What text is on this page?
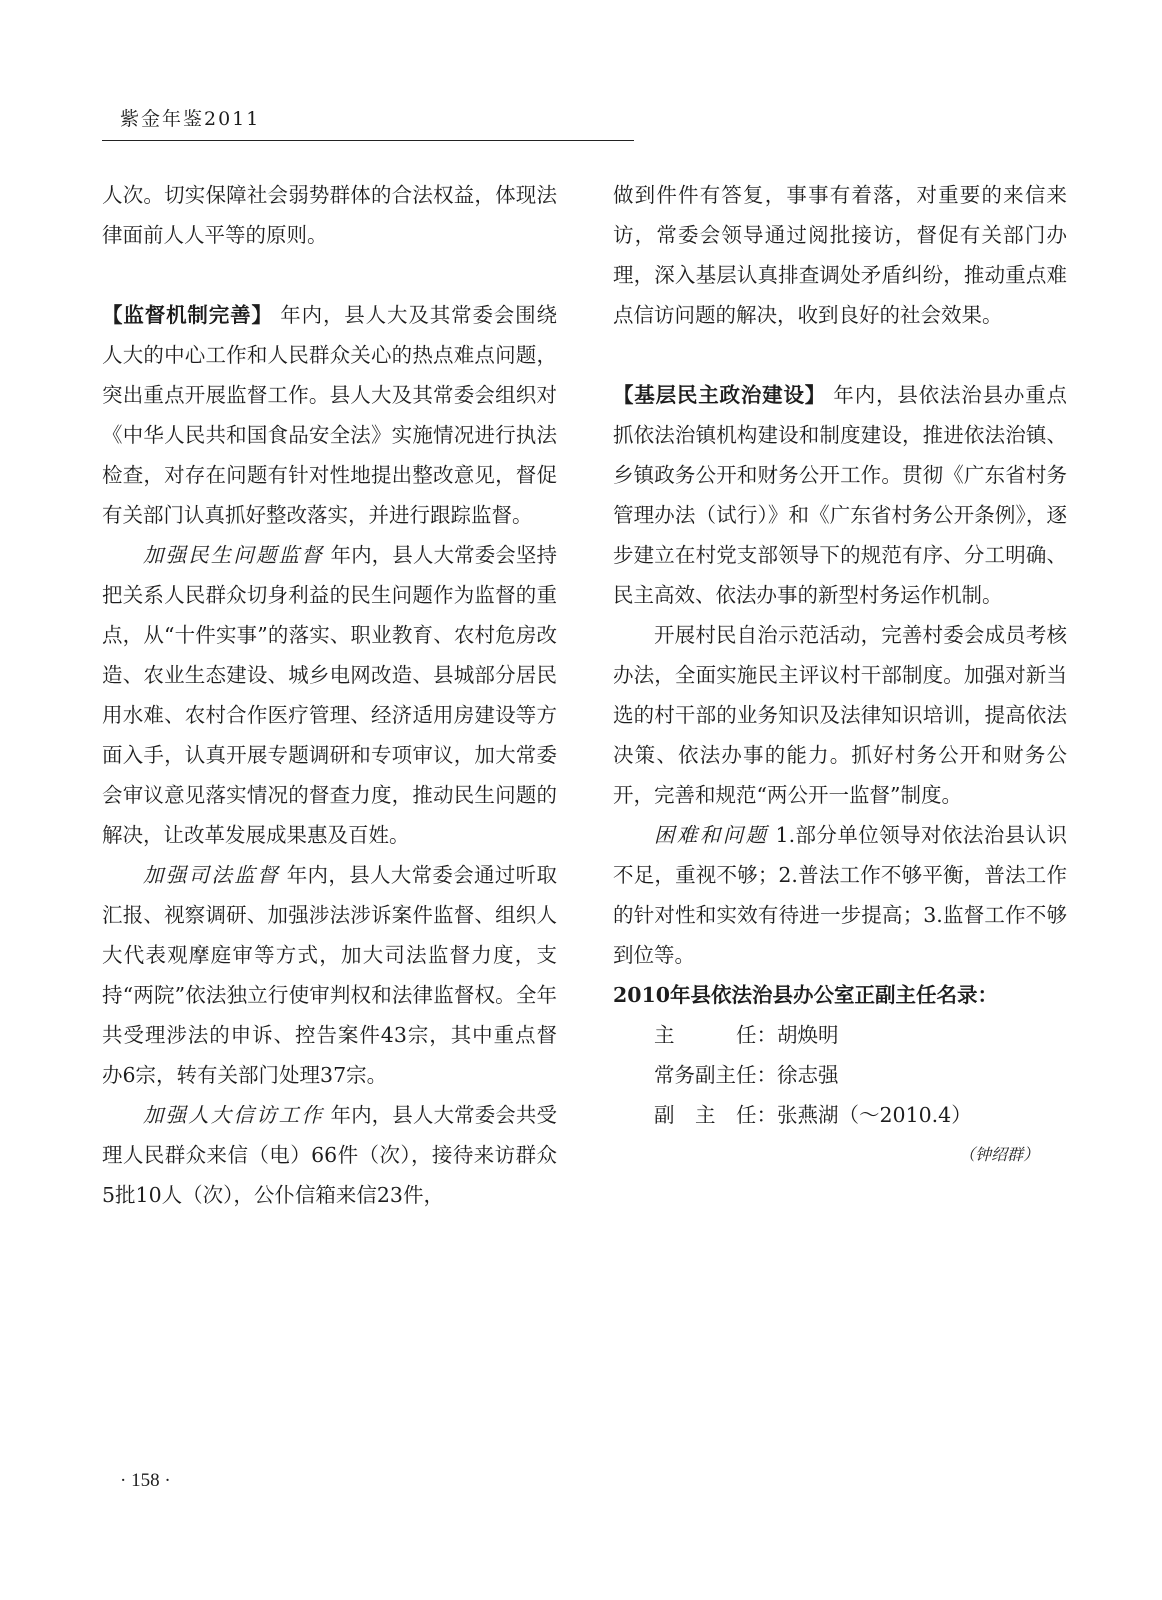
紫金年鉴2011

人次。切实保障社会弱势群体的合法权益，体现法律面前人人平等的原则。

【监督机制完善】 年内，县人大及其常委会围绕人大的中心工作和人民群众关心的热点难点问题，突出重点开展监督工作。县人大及其常委会组织对《中华人民共和国食品安全法》实施情况进行执法检查，对存在问题有针对性地提出整改意见，督促有关部门认真抓好整改落实，并进行跟踪监督。

加强民生问题监督 年内，县人大常委会坚持把关系人民群众切身利益的民生问题作为监督的重点，从“十件实事”的落实、职业教育、农村危房改造、农业生态建设、城乡电网改造、县城部分居民用水难、农村合作医疗管理、经济适用房建设等方面入手，认真开展专题调研和专项审议，加大常委会审议意见落实情况的督查力度，推动民生问题的解决，让改革发展成果惠及百姓。

加强司法监督 年内，县人大常委会通过听取汇报、视察调研、加强涉法涉诉案件监督、组织人大代表观摩庭审等方式，加大司法监督力度，支持“两院”依法独立行使审判权和法律监督权。全年共受理涉法的申诉、控告案件43宗，其中重点督办6宗，转有关部门处理37宗。

加强人大信访工作 年内，县人大常委会共受理人民群众来信（电）66件（次），接待来访群众5批10人（次），公仆信箱来信23件，

做到件件有答复，事事有着落，对重要的来信来访，常委会领导通过阅批接访，督促有关部门办理，深入基层认真排查调处矛盾纠纷，推动重点难点信访问题的解决，收到良好的社会效果。

【基层民主政治建设】 年内，县依法治县办重点抓依法治镇机构建设和制度建设，推进依法治镇、乡镇政务公开和财务公开工作。贯彻《广东省村务管理办法（试行）》和《广东省村务公开条例》，逐步建立在村党支部领导下的规范有序、分工明确、民主高效、依法办事的新型村务运作机制。

开展村民自治示范活动，完善村委会成员考核办法，全面实施民主评议村干部制度。加强对新当选的村干部的业务知识及法律知识培训，提高依法决策、依法办事的能力。抓好村务公开和财务公开，完善和规范“两公开一监督”制度。

困难和问题 1.部分单位领导对依法治县认识不足，重视不够；2.普法工作不够平衡，普法工作的针对性和实效有待进一步提高；3.监督工作不够到位等。

2010年县依法治县办公室正副主任名录：

主　　　任：胡焕明
常务副主任：徐志强
副　主　任：张燕湖（～2010.4）
（钟绍群）
· 158 ·
